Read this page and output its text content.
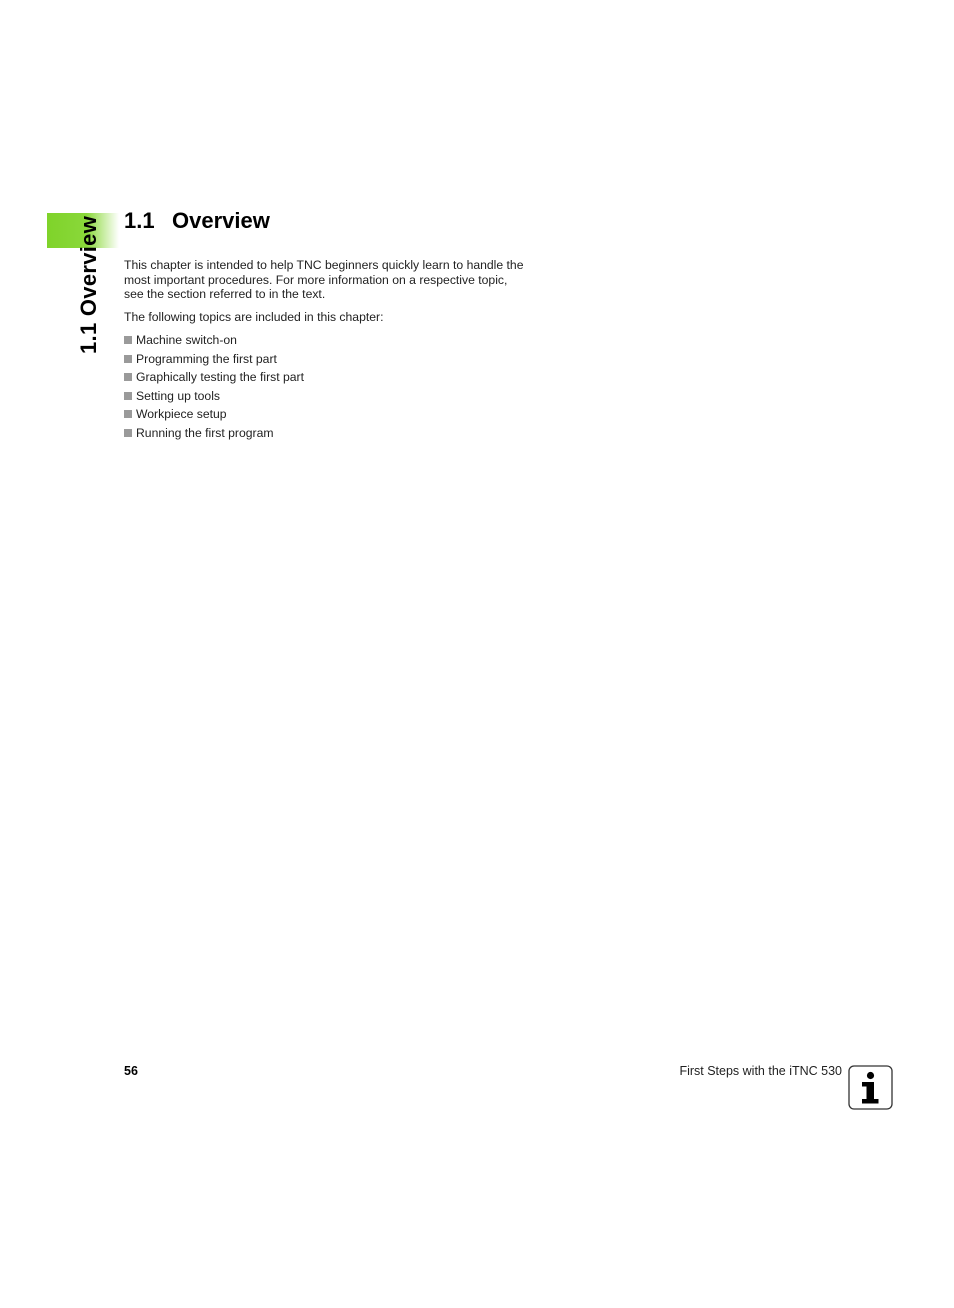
1.1 Overview 1.1 Overview

This chapter is intended to help TNC beginners quickly learn to handle the most important procedures. For more information on a respective topic, see the section referred to in the text.

The following topics are included in this chapter:

Machine switch-on
Programming the first part
Graphically testing the first part
Setting up tools
Workpiece setup
Running the first program
56	First Steps with the iTNC 530
